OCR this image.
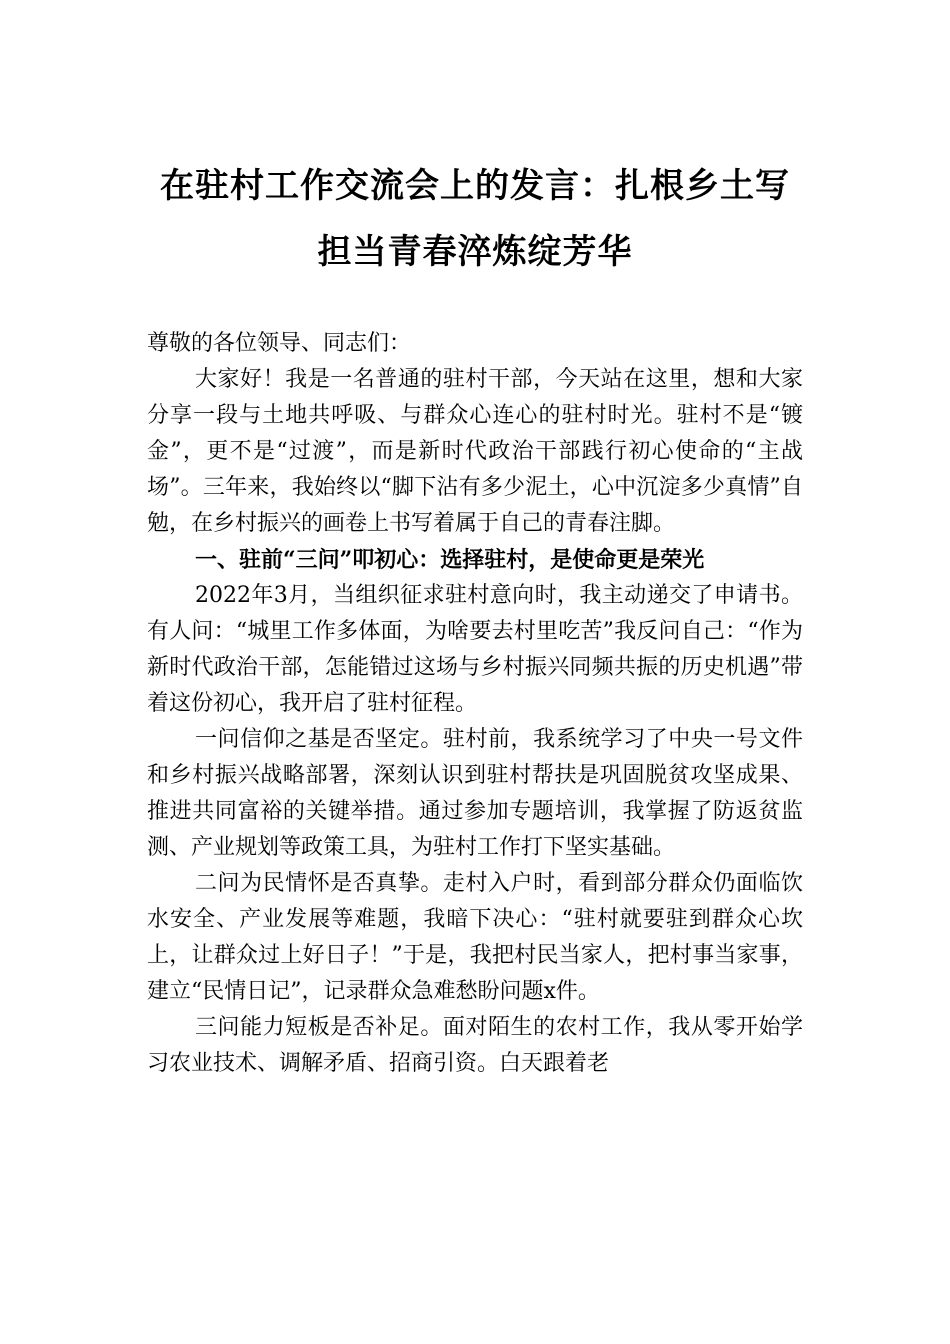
在驻村工作交流会上的发言：扎根乡土写
担当青春淬炼绽芳华

尊敬的各位领导、同志们：

大家好！我是一名普通的驻村干部，今天站在这里，想和大家分享一段与土地共呼吸、与群众心连心的驻村时光。驻村不是“镀金”，更不是“过渡”，而是新时代政治干部践行初心使命的“主战场”。三年来，我始终以“脚下沾有多少泥土，心中沉淀多少真情”自勉，在乡村振兴的画卷上书写着属于自己的青春注脚。

一、驻前“三问”叩初心：选择驻村，是使命更是荣光

2022年3月，当组织征求驻村意向时，我主动递交了申请书。有人问：“城里工作多体面，为啥要去村里吃苦”我反问自己：“作为新时代政治干部，怎能错过这场与乡村振兴同频共振的历史机遇”带着这份初心，我开启了驻村征程。

一问信仰之基是否坚定。驻村前，我系统学习了中央一号文件和乡村振兴战略部署，深刻认识到驻村帮扶是巩固脱贫攻坚成果、推进共同富裕的关键举措。通过参加专题培训，我掌握了防返贫监测、产业规划等政策工具，为驻村工作打下坚实基础。

二问为民情怀是否真挚。走村入户时，看到部分群众仍面临饮水安全、产业发展等难题，我暗下决心：“驻村就要驻到群众心坎上，让群众过上好日子！”于是，我把村民当家人，把村事当家事，建立“民情日记”，记录群众急难愁盼问题x件。

三问能力短板是否补足。面对陌生的农村工作，我从零开始学习农业技术、调解矛盾、招商引资。白天跟着老
